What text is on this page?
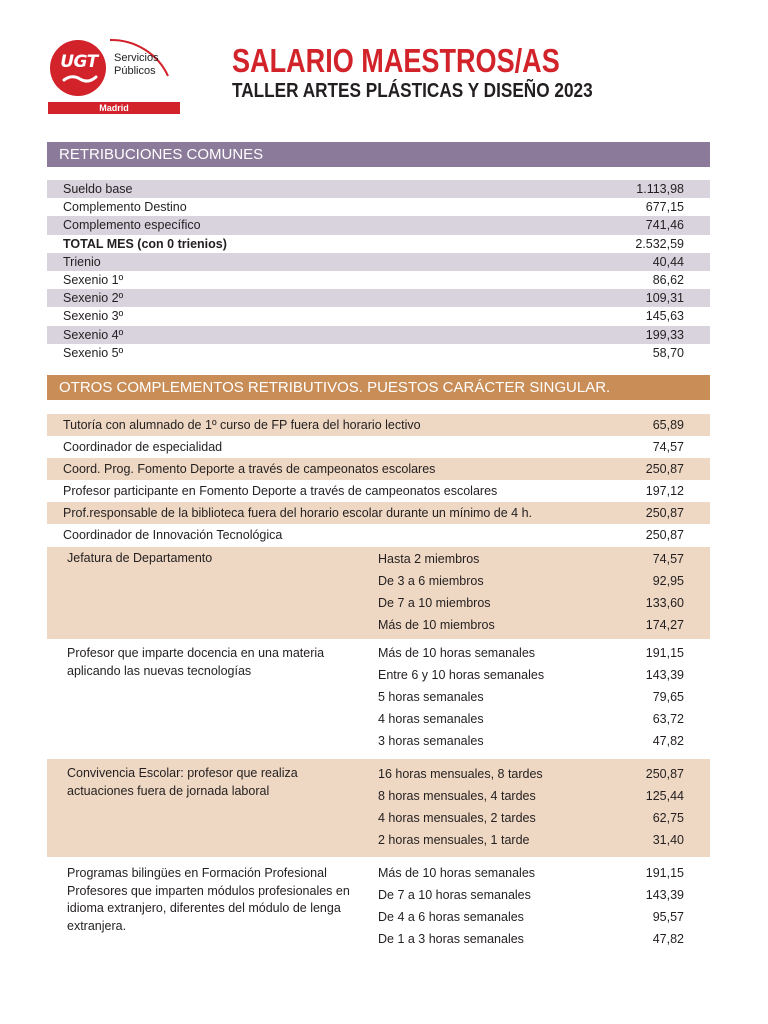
UGT	Servicios
Públicos
Madrid
SALARIO MAESTROS/AS
TALLER ARTES PLÁSTICAS Y DISEÑO 2023
RETRIBUCIONES COMUNES
Sueldo base	1.113,98
Complemento Destino	677,15
Complemento específico	741,46
TOTAL MES (con 0 trienios)	2.532,59
Trienio	40,44
Sexenio 1º	86,62
Sexenio 2º	109,31
Sexenio 3º	145,63
Sexenio 4º	199,33
Sexenio 5º	58,70
OTROS COMPLEMENTOS RETRIBUTIVOS. PUESTOS CARÁCTER SINGULAR.
Tutoría con alumnado de 1º curso de FP fuera del horario lectivo	65,89
Coordinador de especialidad	74,57
Coord. Prog. Fomento Deporte a través de campeonatos escolares	250,87
Profesor participante en Fomento Deporte a través de campeonatos escolares	197,12
Prof.responsable de la biblioteca fuera del horario escolar durante un mínimo de 4 h.	250,87
Coordinador de Innovación Tecnológica	250,87
Jefatura de Departamento	Hasta 2 miembros	74,57
De 3 a 6 miembros	92,95
De 7 a 10 miembros	133,60
Más de 10 miembros	174,27
Profesor que imparte docencia en una materia aplicando las nuevas tecnologías
Más de 10 horas semanales	191,15
Entre 6 y 10 horas semanales	143,39
5 horas semanales	79,65
4 horas semanales	63,72
3 horas semanales	47,82
Convivencia Escolar: profesor que realiza actuaciones fuera de jornada laboral
16 horas mensuales, 8 tardes	250,87
8 horas mensuales, 4 tardes	125,44
4 horas mensuales, 2 tardes	62,75
2 horas mensuales, 1 tarde	31,40
Programas bilingües en Formación Profesional Profesores que imparten módulos profesionales en idioma extranjero, diferentes del módulo de lenga extranjera.
Más de 10 horas semanales	191,15
De 7 a 10 horas semanales	143,39
De 4 a 6 horas semanales	95,57
De 1 a 3 horas semanales	47,82
